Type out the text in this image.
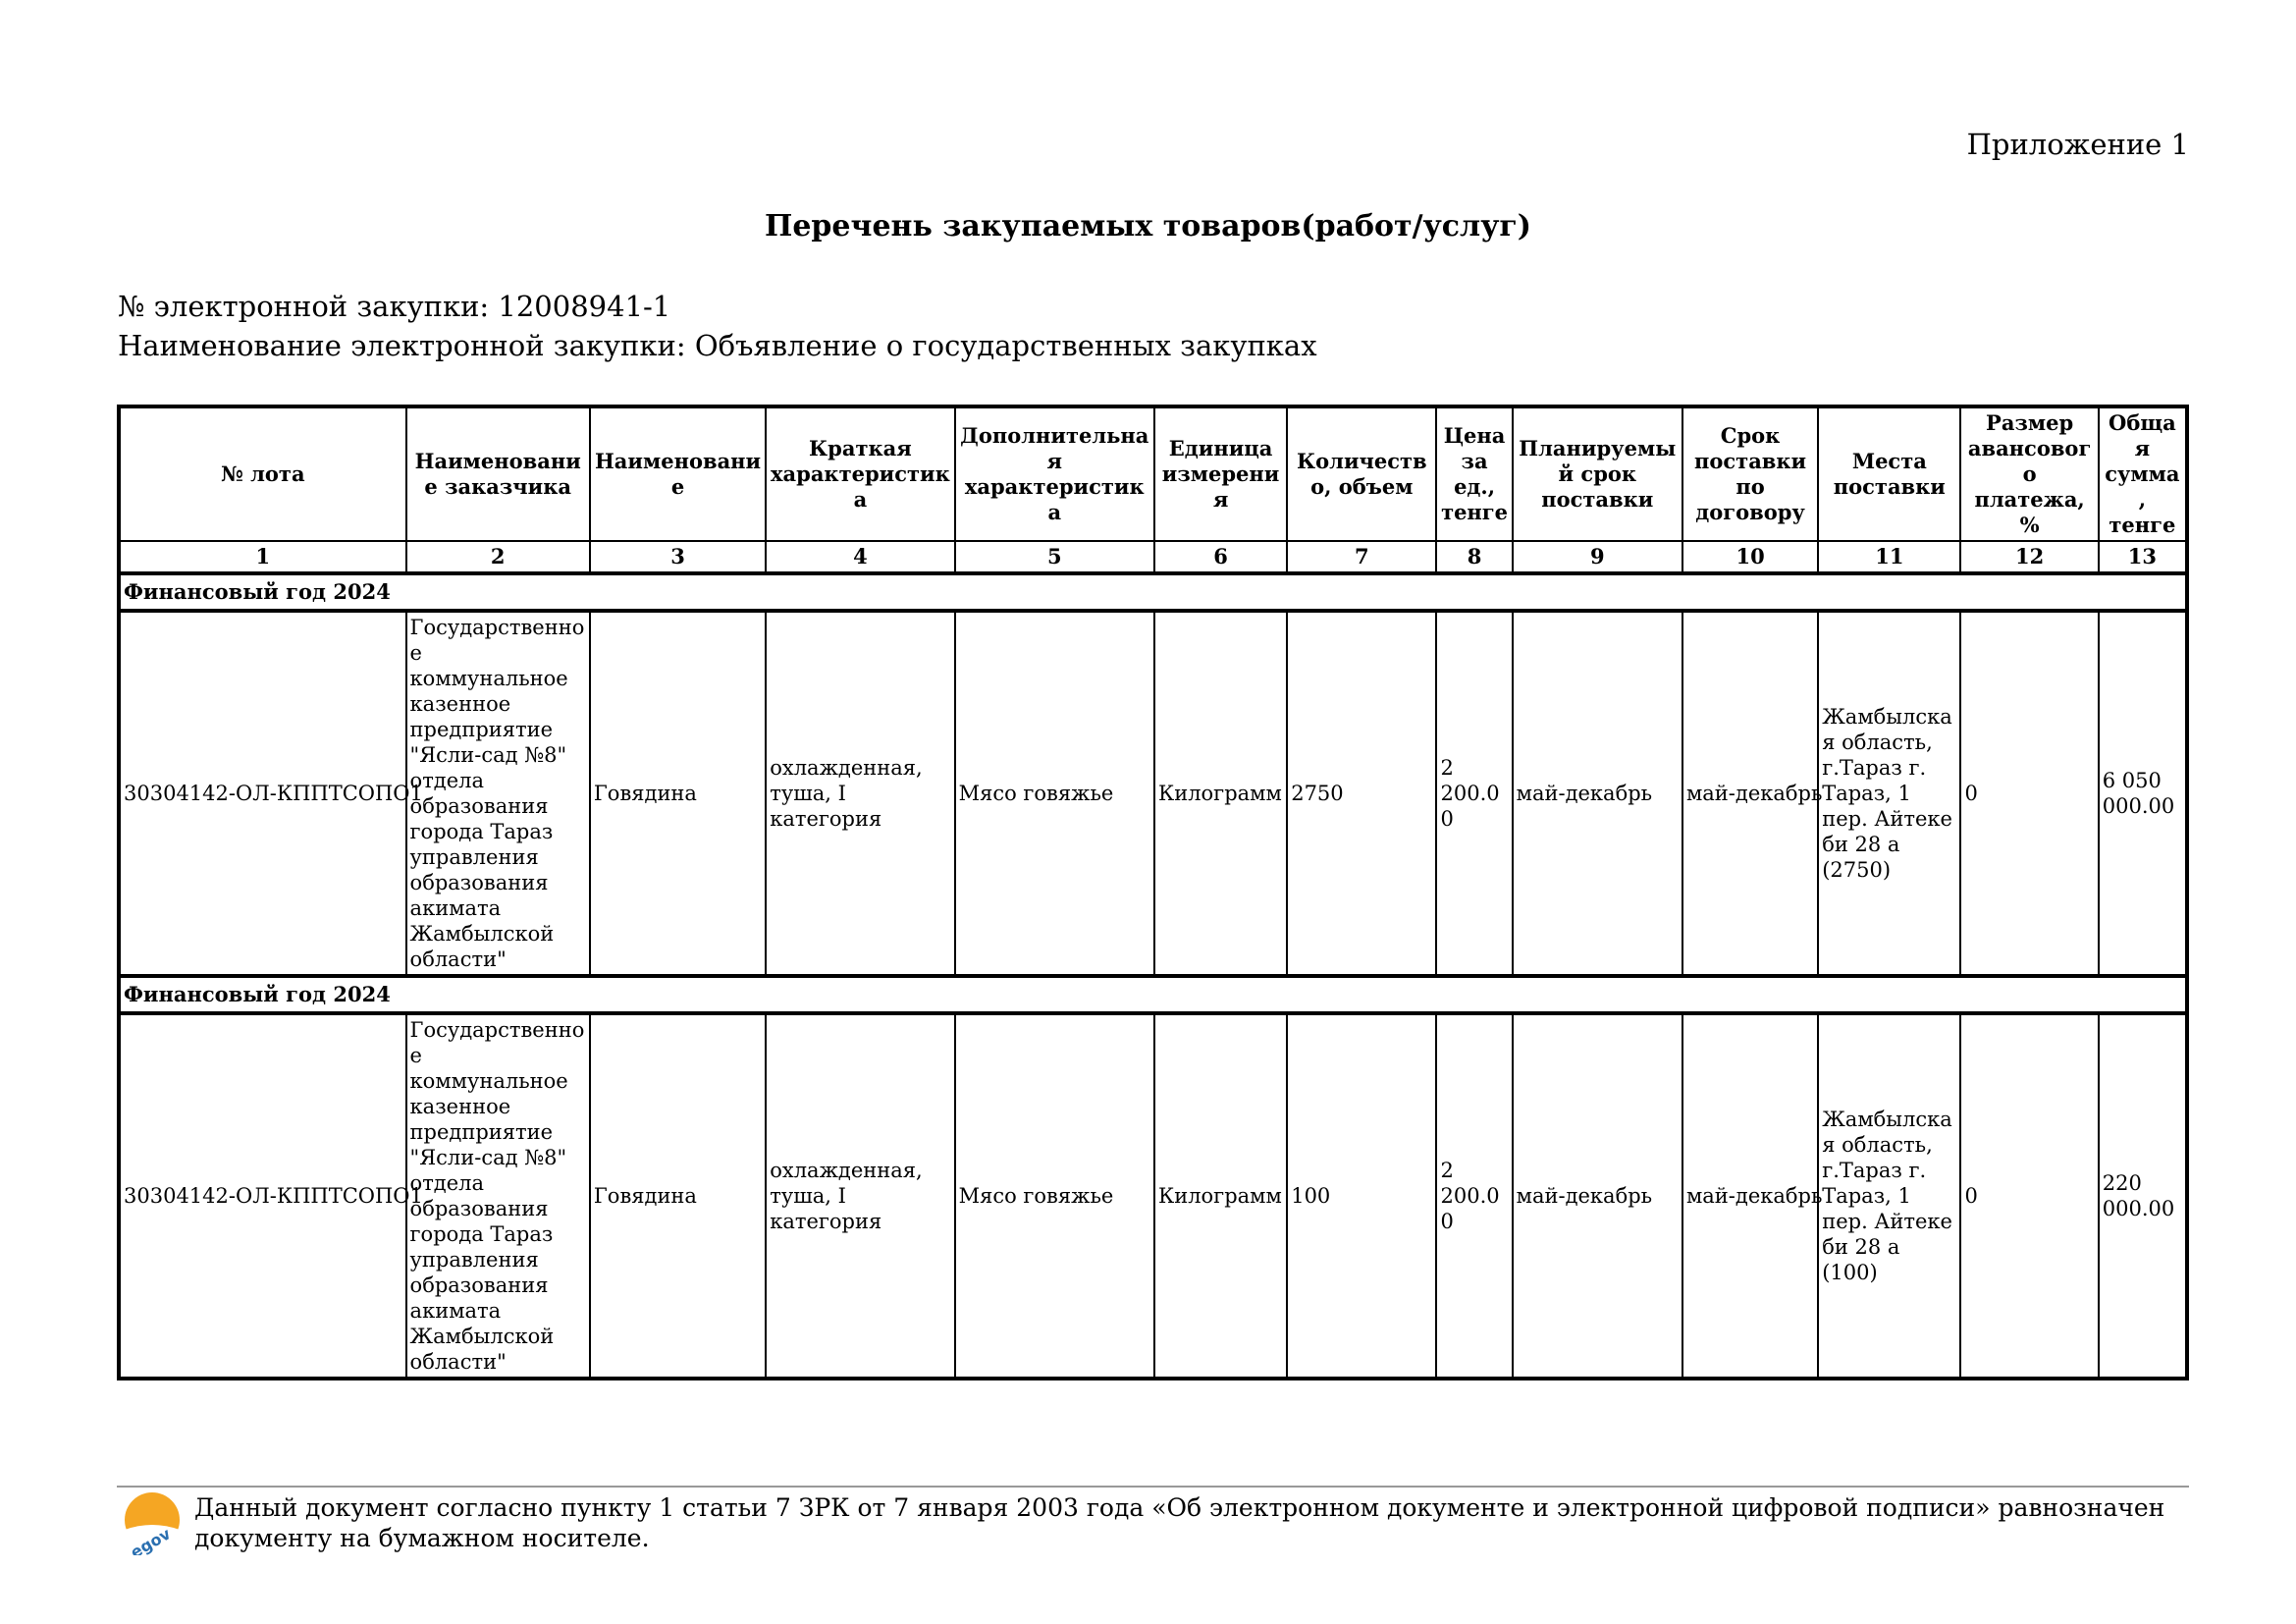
Приложение 1
Перечень закупаемых товаров(работ/услуг)
№ электронной закупки: 12008941-1
Наименование электронной закупки: Объявление о государственных закупках
№ лота	Наименование заказчика	Наименование	Краткая характеристика	Дополнительная характеристика	Единица измерения	Количество, объем	Цена за ед., тенге	Планируемый срок поставки	Срок поставки по договору	Места поставки	Размер авансового платежа, %	Общая сумма, тенге
1	2	3	4	5	6	7	8	9	10	11	12	13
Финансовый год 2024												
30304142-ОЛ-КППТСОПО1	Государственное коммунальное казенное предприятие "Ясли-сад №8" отдела образования города Тараз управления образования акимата Жамбылской области"	Говядина	охлажденная, туша, I категория	Мясо говяжье	Килограмм	2750	2 200.00	май-декабрь	май-декабрь	Жамбылская область, г.Тараз г. Тараз, 1 пер. Айтеке би 28 а (2750)	0	6 050 000.00
Финансовый год 2024												
30304142-ОЛ-КППТСОПО1	Государственное коммунальное казенное предприятие "Ясли-сад №8" отдела образования города Тараз управления образования акимата Жамбылской области"	Говядина	охлажденная, туша, I категория	Мясо говяжье	Килограмм	100	2 200.00	май-декабрь	май-декабрь	Жамбылская область, г.Тараз г. Тараз, 1 пер. Айтеке би 28 а (100)	0	220 000.00
egov
Данный документ согласно пункту 1 статьи 7 ЗРК от 7 января 2003 года «Об электронном документе и электронной цифровой подписи» равнозначен документу на бумажном носителе.
